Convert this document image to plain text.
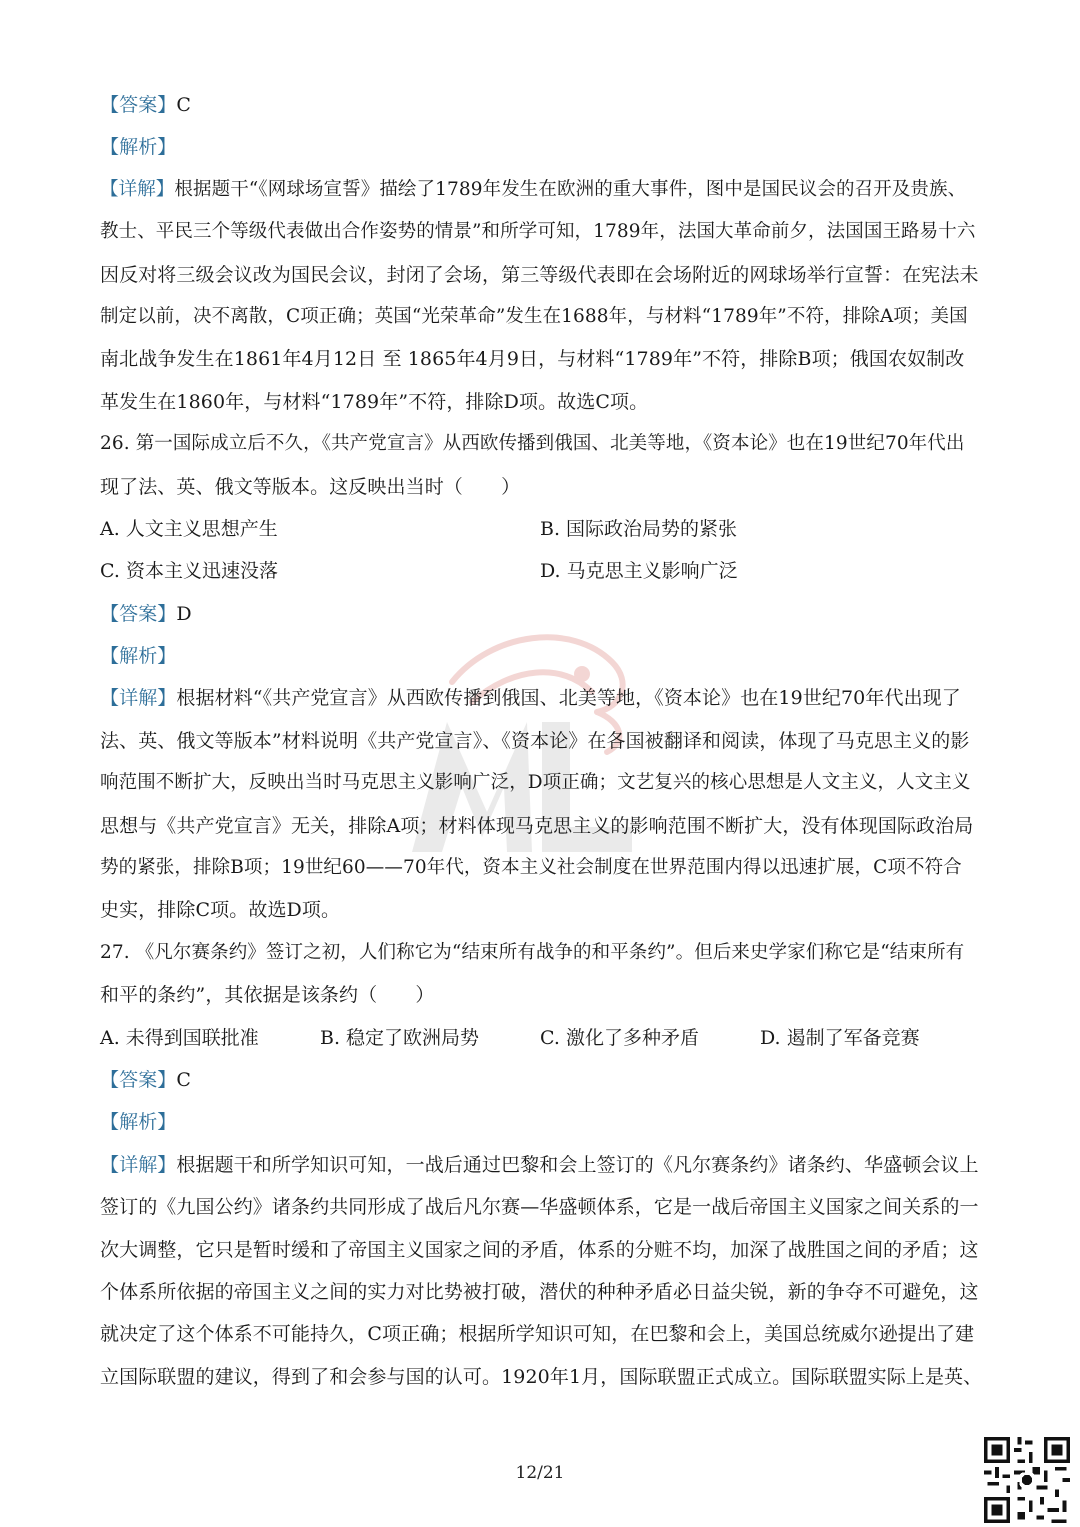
【答案】C
【解析】
【详解】根据题干“《网球场宣誓》描绘了1789年发生在欧洲的重大事件，图中是国民议会的召开及贵族、
教士、平民三个等级代表做出合作姿势的情景”和所学可知，1789年，法国大革命前夕，法国国王路易十六
因反对将三级会议改为国民会议，封闭了会场，第三等级代表即在会场附近的网球场举行宣誓：在宪法未
制定以前，决不离散，C项正确；英国“光荣革命”发生在1688年，与材料“1789年”不符，排除A项；美国
南北战争发生在1861年4月12日 至 1865年4月9日，与材料“1789年”不符，排除B项；俄国农奴制改
革发生在1860年，与材料“1789年”不符，排除D项。故选C项。
26. 第一国际成立后不久，《共产党宣言》从西欧传播到俄国、北美等地，《资本论》也在19世纪70年代出
现了法、英、俄文等版本。这反映出当时（　　）
A. 人文主义思想产生	B. 国际政治局势的紧张
C. 资本主义迅速没落	D. 马克思主义影响广泛
【答案】D
【解析】
【详解】根据材料“《共产党宣言》从西欧传播到俄国、北美等地，《资本论》也在19世纪70年代出现了
法、英、俄文等版本”材料说明《共产党宣言》、《资本论》在各国被翻译和阅读，体现了马克思主义的影
响范围不断扩大，反映出当时马克思主义影响广泛，D项正确；文艺复兴的核心思想是人文主义，人文主义
思想与《共产党宣言》无关，排除A项；材料体现马克思主义的影响范围不断扩大，没有体现国际政治局
势的紧张，排除B项；19世纪60——70年代，资本主义社会制度在世界范围内得以迅速扩展，C项不符合
史实，排除C项。故选D项。
27. 《凡尔赛条约》签订之初，人们称它为“结束所有战争的和平条约”。但后来史学家们称它是“结束所有
和平的条约”，其依据是该条约（　　）
A. 未得到国联批准	B. 稳定了欧洲局势	C. 激化了多种矛盾	D. 遏制了军备竞赛
【答案】C
【解析】
【详解】根据题干和所学知识可知，一战后通过巴黎和会上签订的《凡尔赛条约》诸条约、华盛顿会议上
签订的《九国公约》诸条约共同形成了战后凡尔赛—华盛顿体系，它是一战后帝国主义国家之间关系的一
次大调整，它只是暂时缓和了帝国主义国家之间的矛盾，体系的分赃不均，加深了战胜国之间的矛盾；这
个体系所依据的帝国主义之间的实力对比势被打破，潜伏的种种矛盾必日益尖锐，新的争夺不可避免，这
就决定了这个体系不可能持久，C项正确；根据所学知识可知，在巴黎和会上，美国总统威尔逊提出了建
立国际联盟的建议，得到了和会参与国的认可。1920年1月，国际联盟正式成立。国际联盟实际上是英、
12/21
